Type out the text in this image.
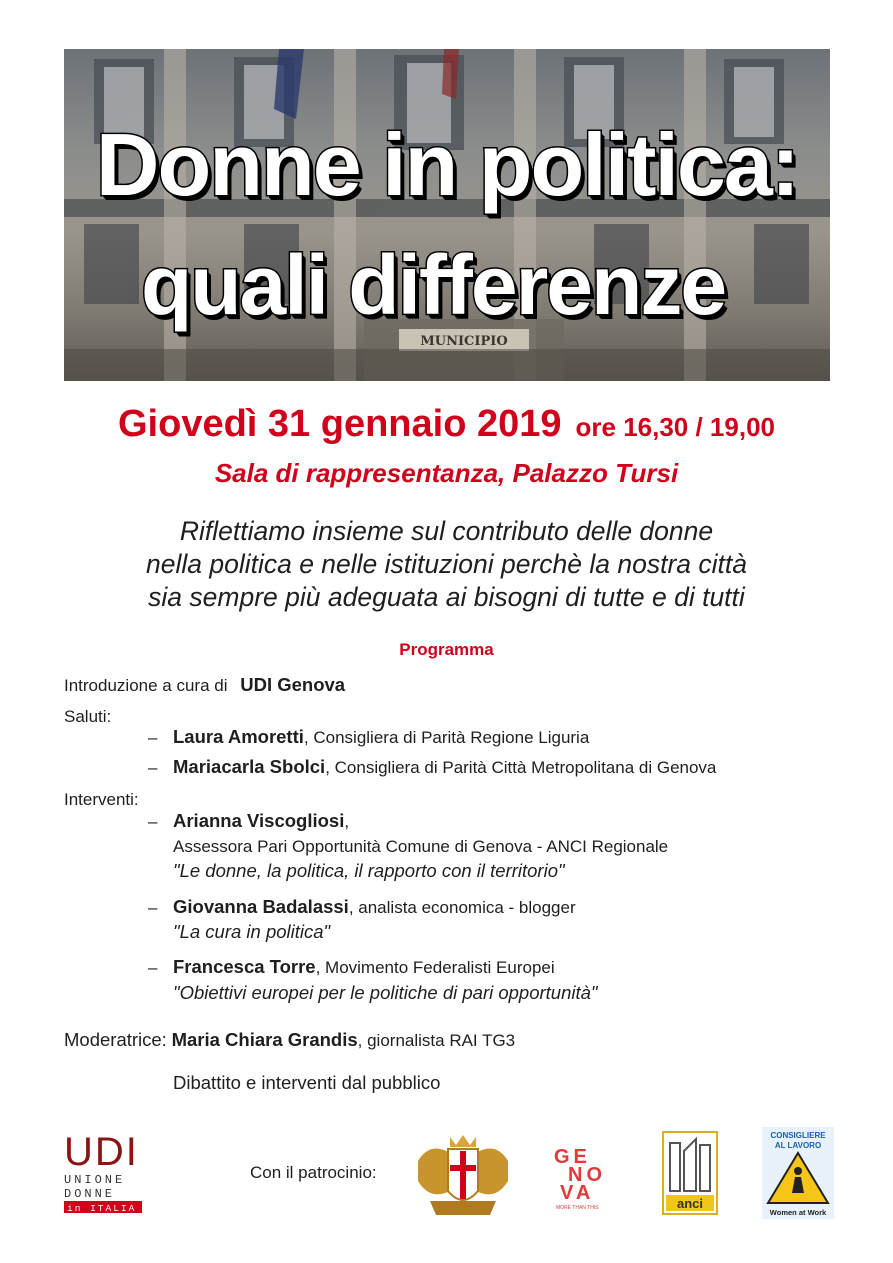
MUNICIPIO
Donne in politica:
quali differenze
Giovedì 31 gennaio 2019 ore 16,30 / 19,00
Sala di rappresentanza, Palazzo Tursi
Riflettiamo insieme sul contributo delle donne
nella politica e nelle istituzioni perchè la nostra città
sia sempre più adeguata ai bisogni di tutte e di tutti
Programma
Introduzione a cura di UDI Genova
Saluti:
– Laura Amoretti, Consigliera di Parità Regione Liguria
– Mariacarla Sbolci, Consigliera di Parità Città Metropolitana di Genova
Interventi:
– Arianna Viscogliosi,
Assessora Pari Opportunità Comune di Genova - ANCI Regionale
"Le donne, la politica, il rapporto con il territorio"
– Giovanna Badalassi, analista economica - blogger
"La cura in politica"
– Francesca Torre, Movimento Federalisti Europei
"Obiettivi europei per le politiche di pari opportunità"
Moderatrice: Maria Chiara Grandis, giornalista RAI TG3
Dibattito e interventi dal pubblico
UDI
UNIONE
DONNE
in ITALIA
Con il patrocinio:
GE
NO
VA
MORE THAN THIS	anci
CONSIGLIERE
AL LAVORO
Women at Work
